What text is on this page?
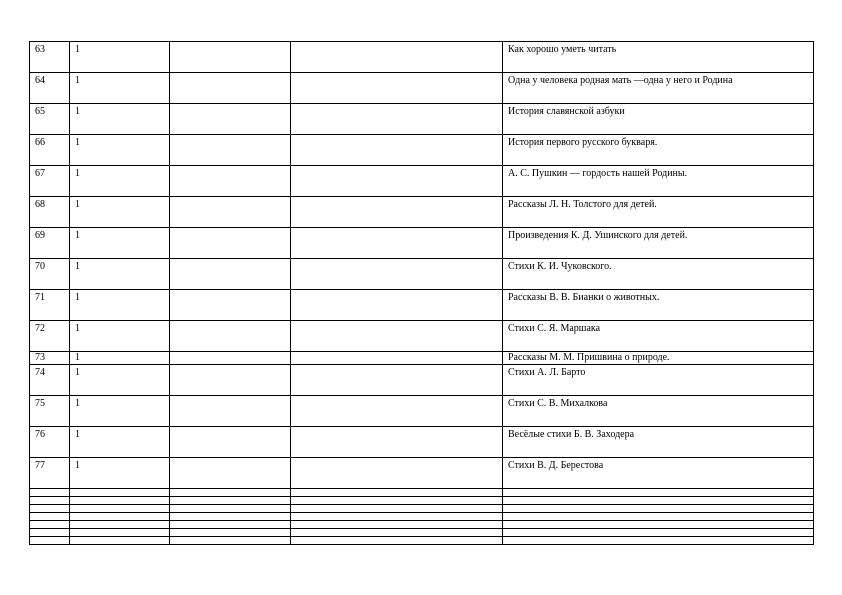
63	1			Как хорошо уметь читать
64	1			Одна у человека родная мать —одна у него и Родина
65	1			История славянской азбуки
66	1			История первого русского букваря.
67	1			А. С. Пушкин — гордость нашей Родины.
68	1			Рассказы Л. Н. Толстого для детей.
69	1			Произведения К. Д. Ушинского для детей.
70	1			Стихи К. И. Чуковского.
71	1			Рассказы В. В. Бианки о животных.
72	1			Стихи С. Я. Маршака
73	1			Рассказы М. М. Пришвина о природе.
74	1			Стихи А. Л. Барто
75	1			Стихи С. В. Михалкова
76	1			Весёлые стихи Б. В. Заходера
77	1			Стихи В. Д. Берестова
